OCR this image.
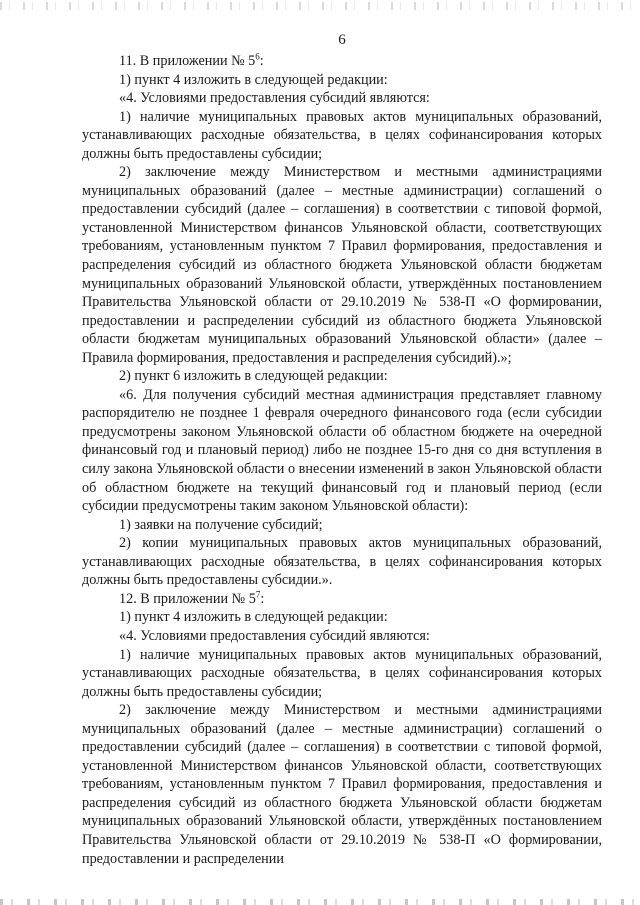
6

11. В приложении № $5^6$:

1) пункт 4 изложить в следующей редакции:

«4. Условиями предоставления субсидий являются:

1) наличие муниципальных правовых актов муниципальных образований, устанавливающих расходные обязательства, в целях софинансирования которых должны быть предоставлены субсидии;

2) заключение между Министерством и местными администрациями муниципальных образований (далее – местные администрации) соглашений о предоставлении субсидий (далее – соглашения) в соответствии с типовой формой, установленной Министерством финансов Ульяновской области, соответствующих требованиям, установленным пунктом 7 Правил формирования, предоставления и распределения субсидий из областного бюджета Ульяновской области бюджетам муниципальных образований Ульяновской области, утверждённых постановлением Правительства Ульяновской области от 29.10.2019 № 538-П «О формировании, предоставлении и распределении субсидий из областного бюджета Ульяновской области бюджетам муниципальных образований Ульяновской области» (далее – Правила формирования, предоставления и распределения субсидий).»;

2) пункт 6 изложить в следующей редакции:

«6. Для получения субсидий местная администрация представляет главному распорядителю не позднее 1 февраля очередного финансового года (если субсидии предусмотрены законом Ульяновской области об областном бюджете на очередной финансовый год и плановый период) либо не позднее 15-го дня со дня вступления в силу закона Ульяновской области о внесении изменений в закон Ульяновской области об областном бюджете на текущий финансовый год и плановый период (если субсидии предусмотрены таким законом Ульяновской области):

1) заявки на получение субсидий;

2) копии муниципальных правовых актов муниципальных образований, устанавливающих расходные обязательства, в целях софинансирования которых должны быть предоставлены субсидии.».

12. В приложении № $5^7$:

1) пункт 4 изложить в следующей редакции:

«4. Условиями предоставления субсидий являются:

1) наличие муниципальных правовых актов муниципальных образований, устанавливающих расходные обязательства, в целях софинансирования которых должны быть предоставлены субсидии;

2) заключение между Министерством и местными администрациями муниципальных образований (далее – местные администрации) соглашений о предоставлении субсидий (далее – соглашения) в соответствии с типовой формой, установленной Министерством финансов Ульяновской области, соответствующих требованиям, установленным пунктом 7 Правил формирования, предоставления и распределения субсидий из областного бюджета Ульяновской области бюджетам муниципальных образований Ульяновской области, утверждённых постановлением Правительства Ульяновской области от 29.10.2019 № 538-П «О формировании, предоставлении и распределении
